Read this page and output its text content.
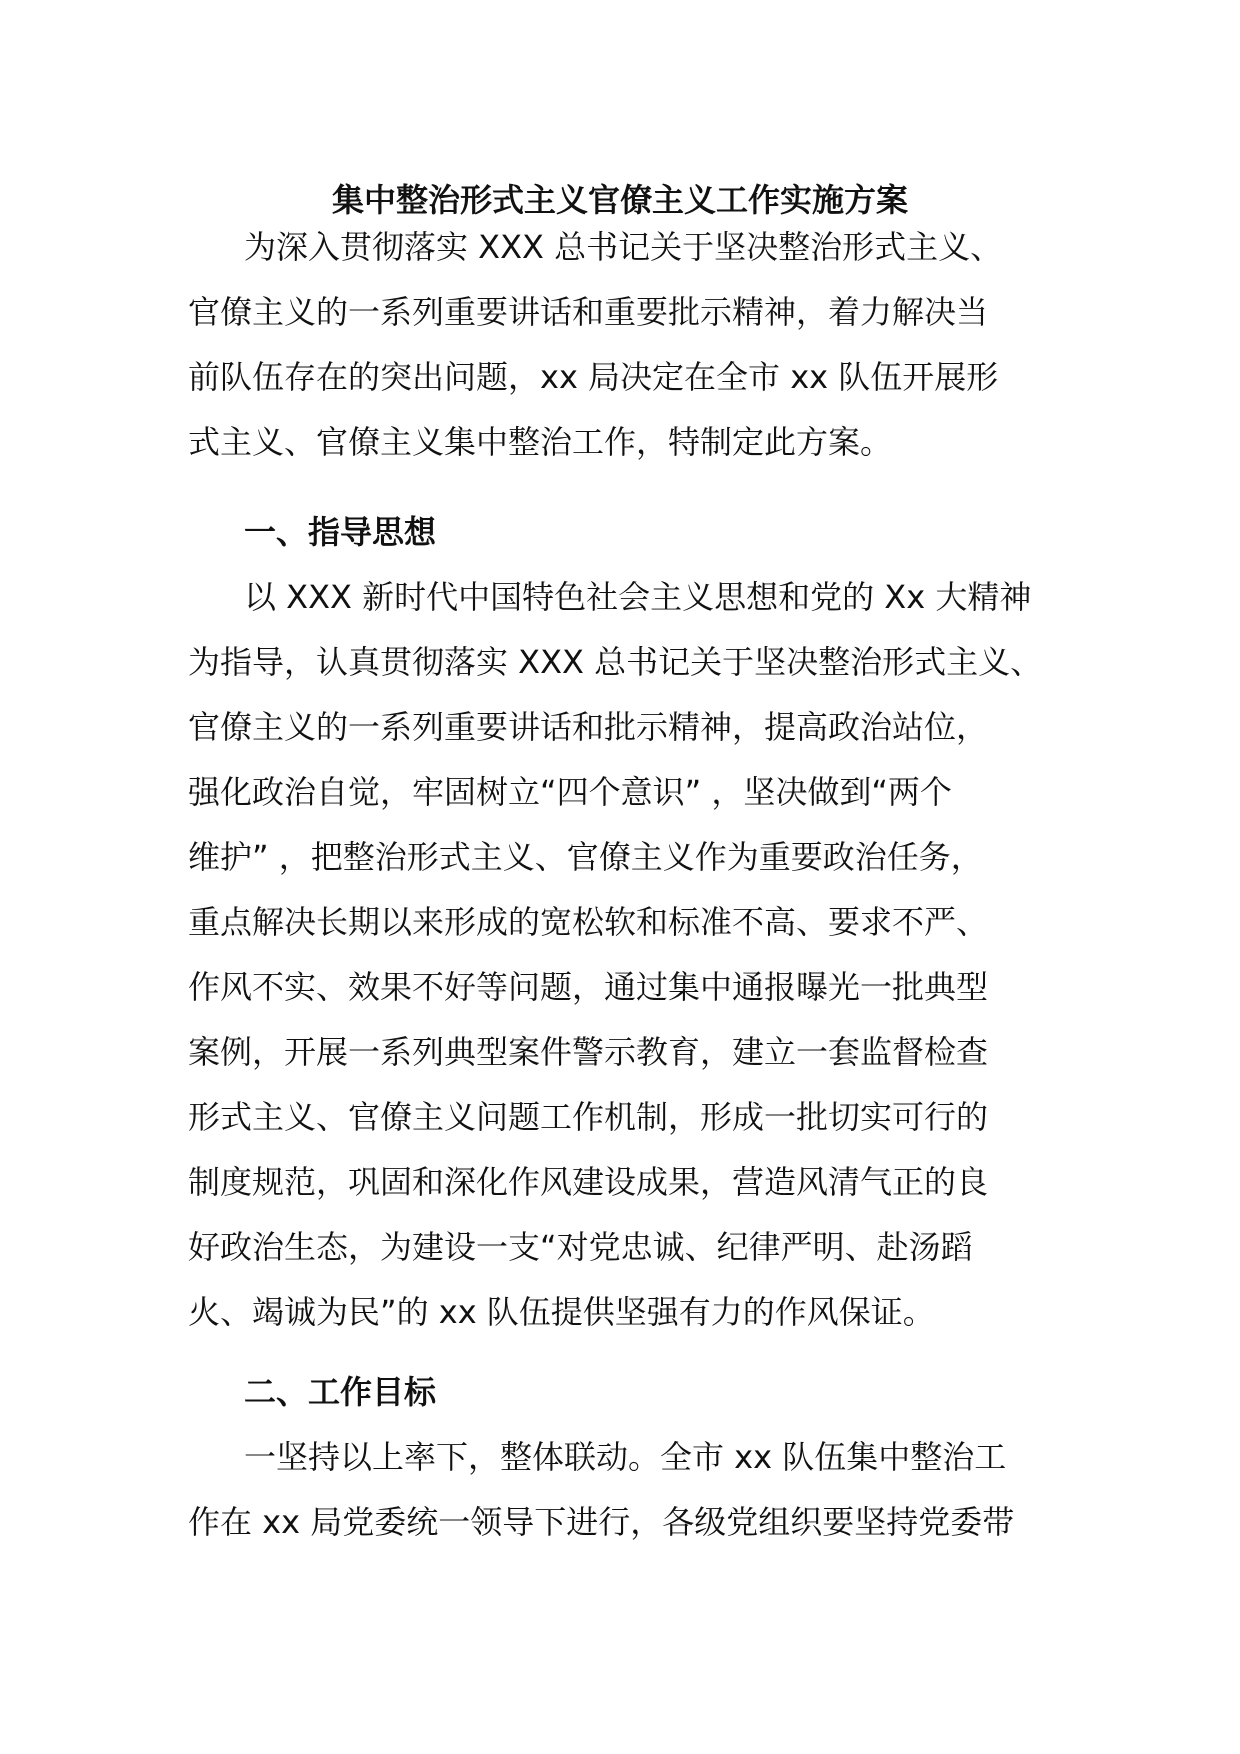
集中整治形式主义官僚主义工作实施方案
为深入贯彻落实 XXX 总书记关于坚决整治形式主义、
官僚主义的一系列重要讲话和重要批示精神，着力解决当
前队伍存在的突出问题，xx 局决定在全市 xx 队伍开展形
式主义、官僚主义集中整治工作，特制定此方案。
一、指导思想
以 XXX 新时代中国特色社会主义思想和党的 Xx 大精神
为指导，认真贯彻落实 XXX 总书记关于坚决整治形式主义、
官僚主义的一系列重要讲话和批示精神，提高政治站位，
强化政治自觉，牢固树立“四个意识” ，坚决做到“两个
维护” ，把整治形式主义、官僚主义作为重要政治任务，
重点解决长期以来形成的宽松软和标准不高、要求不严、
作风不实、效果不好等问题，通过集中通报曝光一批典型
案例，开展一系列典型案件警示教育，建立一套监督检查
形式主义、官僚主义问题工作机制，形成一批切实可行的
制度规范，巩固和深化作风建设成果，营造风清气正的良
好政治生态，为建设一支“对党忠诚、纪律严明、赴汤蹈
火、竭诚为民”的 xx 队伍提供坚强有力的作风保证。
二、工作目标
一坚持以上率下，整体联动。全市 xx 队伍集中整治工
作在 xx 局党委统一领导下进行，各级党组织要坚持党委带
